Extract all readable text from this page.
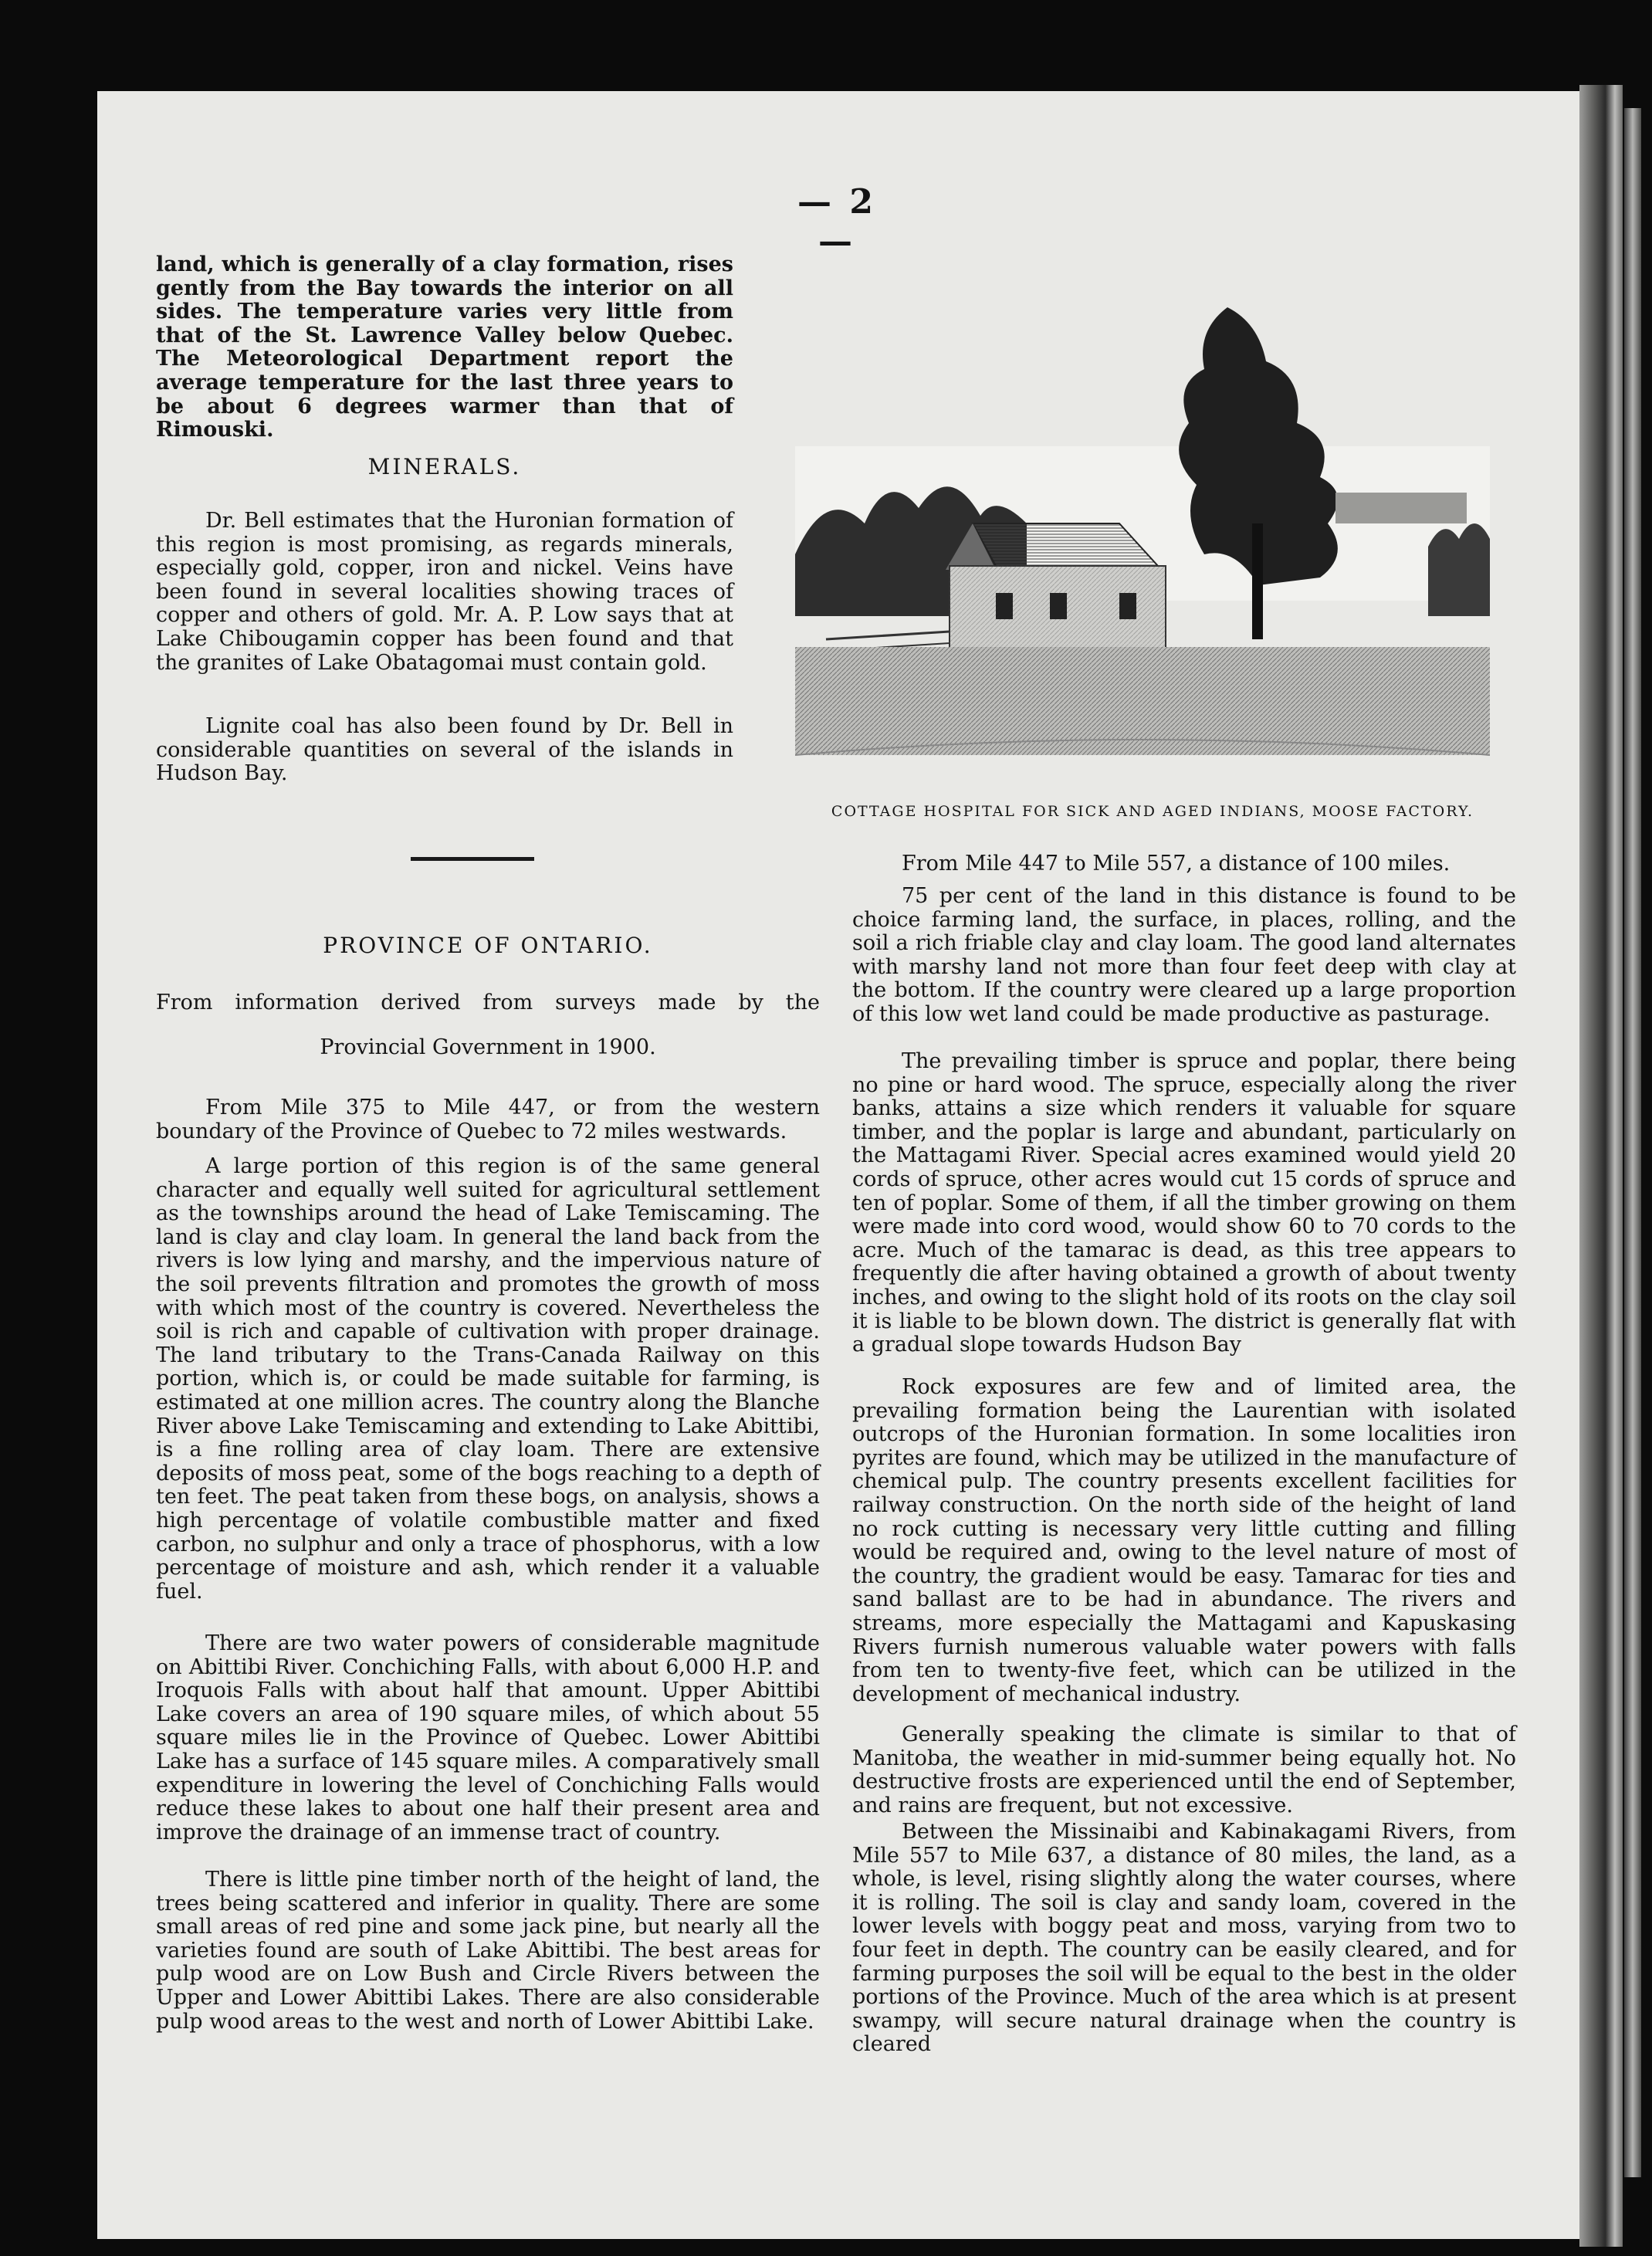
— 2 —

land, which is generally of a clay formation, rises gently from the Bay towards the interior on all sides. The temperature varies very little from that of the St. Lawrence Valley below Quebec. The Meteorological Department report the average temperature for the last three years to be about 6 degrees warmer than that of Rimouski.

MINERALS.

Dr. Bell estimates that the Huronian formation of this region is most promising, as regards minerals, especially gold, copper, iron and nickel. Veins have been found in several localities showing traces of copper and others of gold. Mr. A. P. Low says that at Lake Chibougamin copper has been found and that the granites of Lake Obatagomai must contain gold.

Lignite coal has also been found by Dr. Bell in considerable quantities on several of the islands in Hudson Bay.

PROVINCE OF ONTARIO.

From information derived from surveys made by the

Provincial Government in 1900.

From Mile 375 to Mile 447, or from the western boundary of the Province of Quebec to 72 miles westwards.

A large portion of this region is of the same general character and equally well suited for agricultural settlement as the townships around the head of Lake Temiscaming. The land is clay and clay loam. In general the land back from the rivers is low lying and marshy, and the impervious nature of the soil prevents filtration and promotes the growth of moss with which most of the country is covered. Nevertheless the soil is rich and capable of cultivation with proper drainage. The land tributary to the Trans-Canada Railway on this portion, which is, or could be made suitable for farming, is estimated at one million acres. The country along the Blanche River above Lake Temiscaming and extending to Lake Abittibi, is a fine rolling area of clay loam. There are extensive deposits of moss peat, some of the bogs reaching to a depth of ten feet. The peat taken from these bogs, on analysis, shows a high percentage of volatile combustible matter and fixed carbon, no sulphur and only a trace of phosphorus, with a low percentage of moisture and ash, which render it a valuable fuel.

There are two water powers of considerable magnitude on Abittibi River. Conchiching Falls, with about 6,000 H.P. and Iroquois Falls with about half that amount. Upper Abittibi Lake covers an area of 190 square miles, of which about 55 square miles lie in the Province of Quebec. Lower Abittibi Lake has a surface of 145 square miles. A comparatively small expenditure in lowering the level of Conchiching Falls would reduce these lakes to about one half their present area and improve the drainage of an immense tract of country.

There is little pine timber north of the height of land, the trees being scattered and inferior in quality. There are some small areas of red pine and some jack pine, but nearly all the varieties found are south of Lake Abittibi. The best areas for pulp wood are on Low Bush and Circle Rivers between the Upper and Lower Abittibi Lakes. There are also considerable pulp wood areas to the west and north of Lower Abittibi Lake.

COTTAGE HOSPITAL FOR SICK AND AGED INDIANS, MOOSE FACTORY.

From Mile 447 to Mile 557, a distance of 100 miles.

75 per cent of the land in this distance is found to be choice farming land, the surface, in places, rolling, and the soil a rich friable clay and clay loam. The good land alternates with marshy land not more than four feet deep with clay at the bottom. If the country were cleared up a large proportion of this low wet land could be made productive as pasturage.

The prevailing timber is spruce and poplar, there being no pine or hard wood. The spruce, especially along the river banks, attains a size which renders it valuable for square timber, and the poplar is large and abundant, particularly on the Mattagami River. Special acres examined would yield 20 cords of spruce, other acres would cut 15 cords of spruce and ten of poplar. Some of them, if all the timber growing on them were made into cord wood, would show 60 to 70 cords to the acre. Much of the tamarac is dead, as this tree appears to frequently die after having obtained a growth of about twenty inches, and owing to the slight hold of its roots on the clay soil it is liable to be blown down. The district is generally flat with a gradual slope towards Hudson Bay

Rock exposures are few and of limited area, the prevailing formation being the Laurentian with isolated outcrops of the Huronian formation. In some localities iron pyrites are found, which may be utilized in the manufacture of chemical pulp. The country presents excellent facilities for railway construction. On the north side of the height of land no rock cutting is necessary very little cutting and filling would be required and, owing to the level nature of most of the country, the gradient would be easy. Tamarac for ties and sand ballast are to be had in abundance. The rivers and streams, more especially the Mattagami and Kapuskasing Rivers furnish numerous valuable water powers with falls from ten to twenty-five feet, which can be utilized in the development of mechanical industry.

Generally speaking the climate is similar to that of Manitoba, the weather in mid-summer being equally hot. No destructive frosts are experienced until the end of September, and rains are frequent, but not excessive.

Between the Missinaibi and Kabinakagami Rivers, from Mile 557 to Mile 637, a distance of 80 miles, the land, as a whole, is level, rising slightly along the water courses, where it is rolling. The soil is clay and sandy loam, covered in the lower levels with boggy peat and moss, varying from two to four feet in depth. The country can be easily cleared, and for farming purposes the soil will be equal to the best in the older portions of the Province. Much of the area which is at present swampy, will secure natural drainage when the country is cleared
